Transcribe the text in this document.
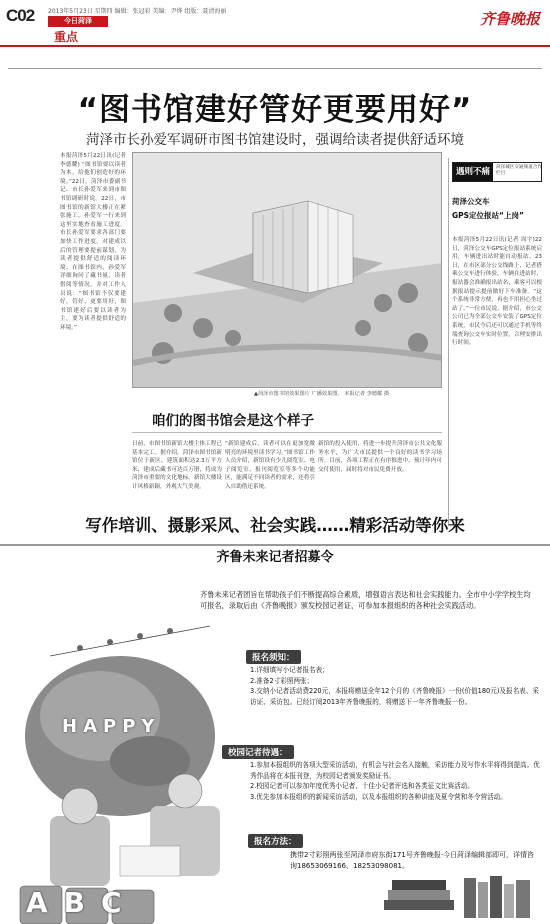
C02 2013年5月23日 星期四 编辑：张冠彩 美编：尹烨 组版：聂清海丽
今日菏泽
重点
齐鲁晚报
“图书馆建好管好更要用好”
菏泽市长孙爱军调研市图书馆建设时，强调给读者提供舒适环境
本报菏泽5月22日讯(记者 李德耀) “图书馆要以读者为本，给他们创造好的环境。”22日，菏泽市委副书记、市长孙爱军来到市图书馆调研时说。22日，市图书馆的新馆大楼正在紧张施工，孙爱军一行来到这里实地查看施工进度。市长孙爱军要求各部门要加快工作进度，对建成以后的管理要提前谋划，为读者提供舒适的阅读环境。在图书馆内，孙爱军详细询问了藏书量、读者借阅等情况，并对工作人员说：“图书馆不仅要建好，管好，更要用好，图书馆建好后要以读者为主，要为读者提供舒适的环境。”
▲菏泽市图书馆效果图片 广播效果图。 本报记者 李德耀 摄
咱们的图书馆会是这个样子
日前，市图书馆新馆大楼主体工程已基本完工。据介绍，菏泽市图书馆新馆位于新区，建筑面积达2.3万平方米，建成后藏书可达百万册，将成为菏泽市重要的文化地标。新馆大楼设计风格新颖，外观大气美观。
“新馆建成后，读者可以在更加宽敞明亮的环境里读书学习。”图书馆工作人员介绍，新馆设有少儿阅览室、电子阅览室、报刊阅览室等多个功能区，能满足不同读者的需求，还将引入自助借还系统。
新馆的投入使用，将进一步提升菏泽市公共文化服务水平，为广大市民提供一个良好的读书学习场所。目前，各项工程正在有序推进中，预计年内可交付使用，届时将对市民免费开放。
遇则不痛	菏泽城区交通频道合作栏目
菏泽公交车
GPS定位报站“上岗”
本报菏泽5月22日讯(记者 周宇)22日，菏泽公交车GPS定位报站系统启用，车辆进出站时能自动报站。23日，在市区部分公交线路上，记者搭乘公交车进行体验，车辆在进站时，报站器会准确报出站名，乘客可以根据报站提示提前做好下车准备。“这个系统非常方便，再也不用担心坐过站了。”一位市民说。据介绍，市公交公司已为全部公交车安装了GPS定位系统，市民今后还可以通过手机等终端查询公交车实时位置，合理安排出行时间。
写作培训、摄影采风、社会实践……精彩活动等你来
齐鲁未来记者招募令
HAPPY
ABC
齐鲁未来记者团旨在帮助孩子们不断提高综合素质，增强语言表达和社会实践能力。全市中小学学校生均可报名，录取后由《齐鲁晚报》颁发校园记者证，可参加本报组织的各种社会实践活动。
报名须知：
1.详细填写小记者报名表；
2.准备2寸彩照两张；
3.交纳小记者活动费220元，本报将赠送全年12个月的《齐鲁晚报》一份(价值180元)及报名表、采访证、采访包。已经订阅2013年齐鲁晚报的，将赠送下一年齐鲁晚报一份。
校园记者待遇：
1.参加本报组织的各项大型采访活动，有机会与社会名人接触，采访能力及写作水平将得到提高。优秀作品将在本报刊登，为校园记者颁发奖励证书。
2.校园记者可以参加年度优秀小记者、十佳小记者评选和各类征文比赛活动。
3.优先参加本报组织的新闻采访活动，以及本报组织的各种讲座及夏令营和冬令营活动。
报名方法：
携带2寸彩照两张至菏泽市府东街171号齐鲁晚报·今日菏泽编辑部即可，详情咨询18653069166、18253098081。
